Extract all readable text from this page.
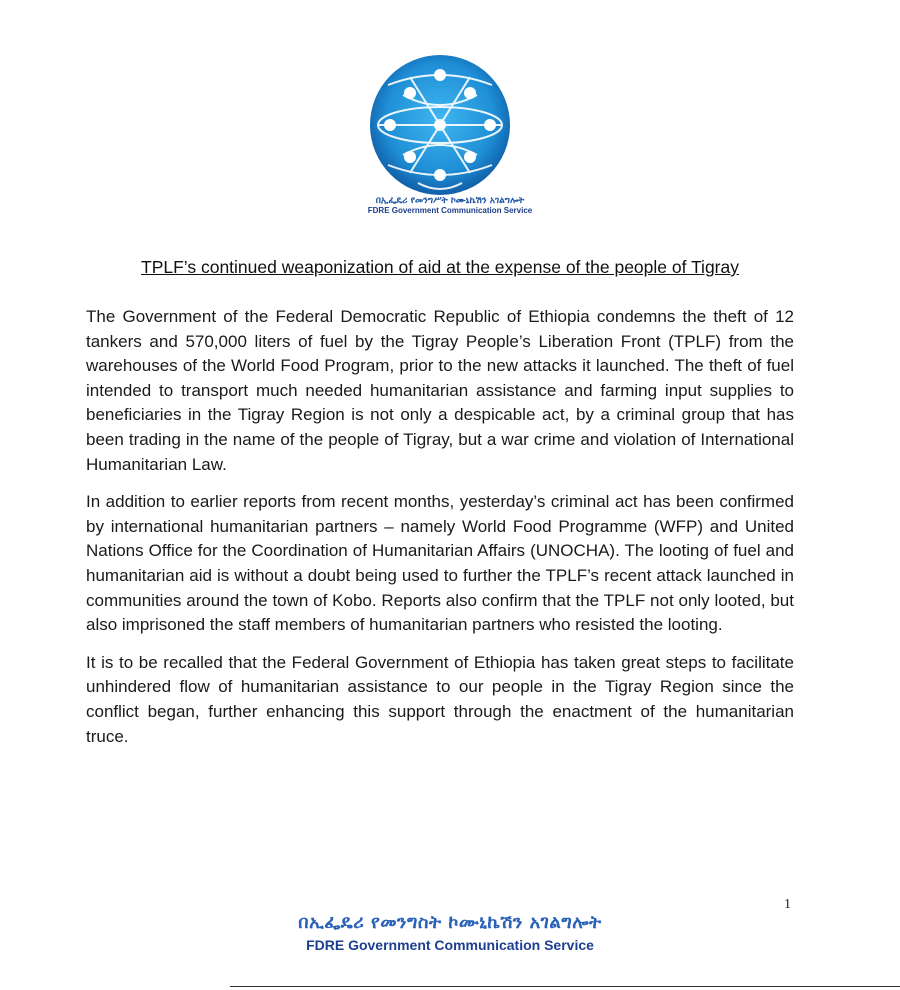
በኢፌዴሪ የመንግሥት ኮሙኒኬሽን አገልግሎት
FDRE Government Communication Service
TPLF’s continued weaponization of aid at the expense of the people of Tigray

The Government of the Federal Democratic Republic of Ethiopia condemns the theft of 12 tankers and 570,000 liters of fuel by the Tigray People’s Liberation Front (TPLF) from the warehouses of the World Food Program, prior to the new attacks it launched. The theft of fuel intended to transport much needed humanitarian assistance and farming input supplies to beneficiaries in the Tigray Region is not only a despicable act, by a criminal group that has been trading in the name of the people of Tigray, but a war crime and violation of International Humanitarian Law.

In addition to earlier reports from recent months, yesterday’s criminal act has been confirmed by international humanitarian partners – namely World Food Programme (WFP) and United Nations Office for the Coordination of Humanitarian Affairs (UNOCHA). The looting of fuel and humanitarian aid is without a doubt being used to further the TPLF’s recent attack launched in communities around the town of Kobo. Reports also confirm that the TPLF not only looted, but also imprisoned the staff members of humanitarian partners who resisted the looting.

It is to be recalled that the Federal Government of Ethiopia has taken great steps to facilitate unhindered flow of humanitarian assistance to our people in the Tigray Region since the conflict began, further enhancing this support through the enactment of the humanitarian truce.

1
በኢፌዴሪ የመንግስት ኮሙኒኬሽን አገልግሎት
FDRE Government Communication Service
